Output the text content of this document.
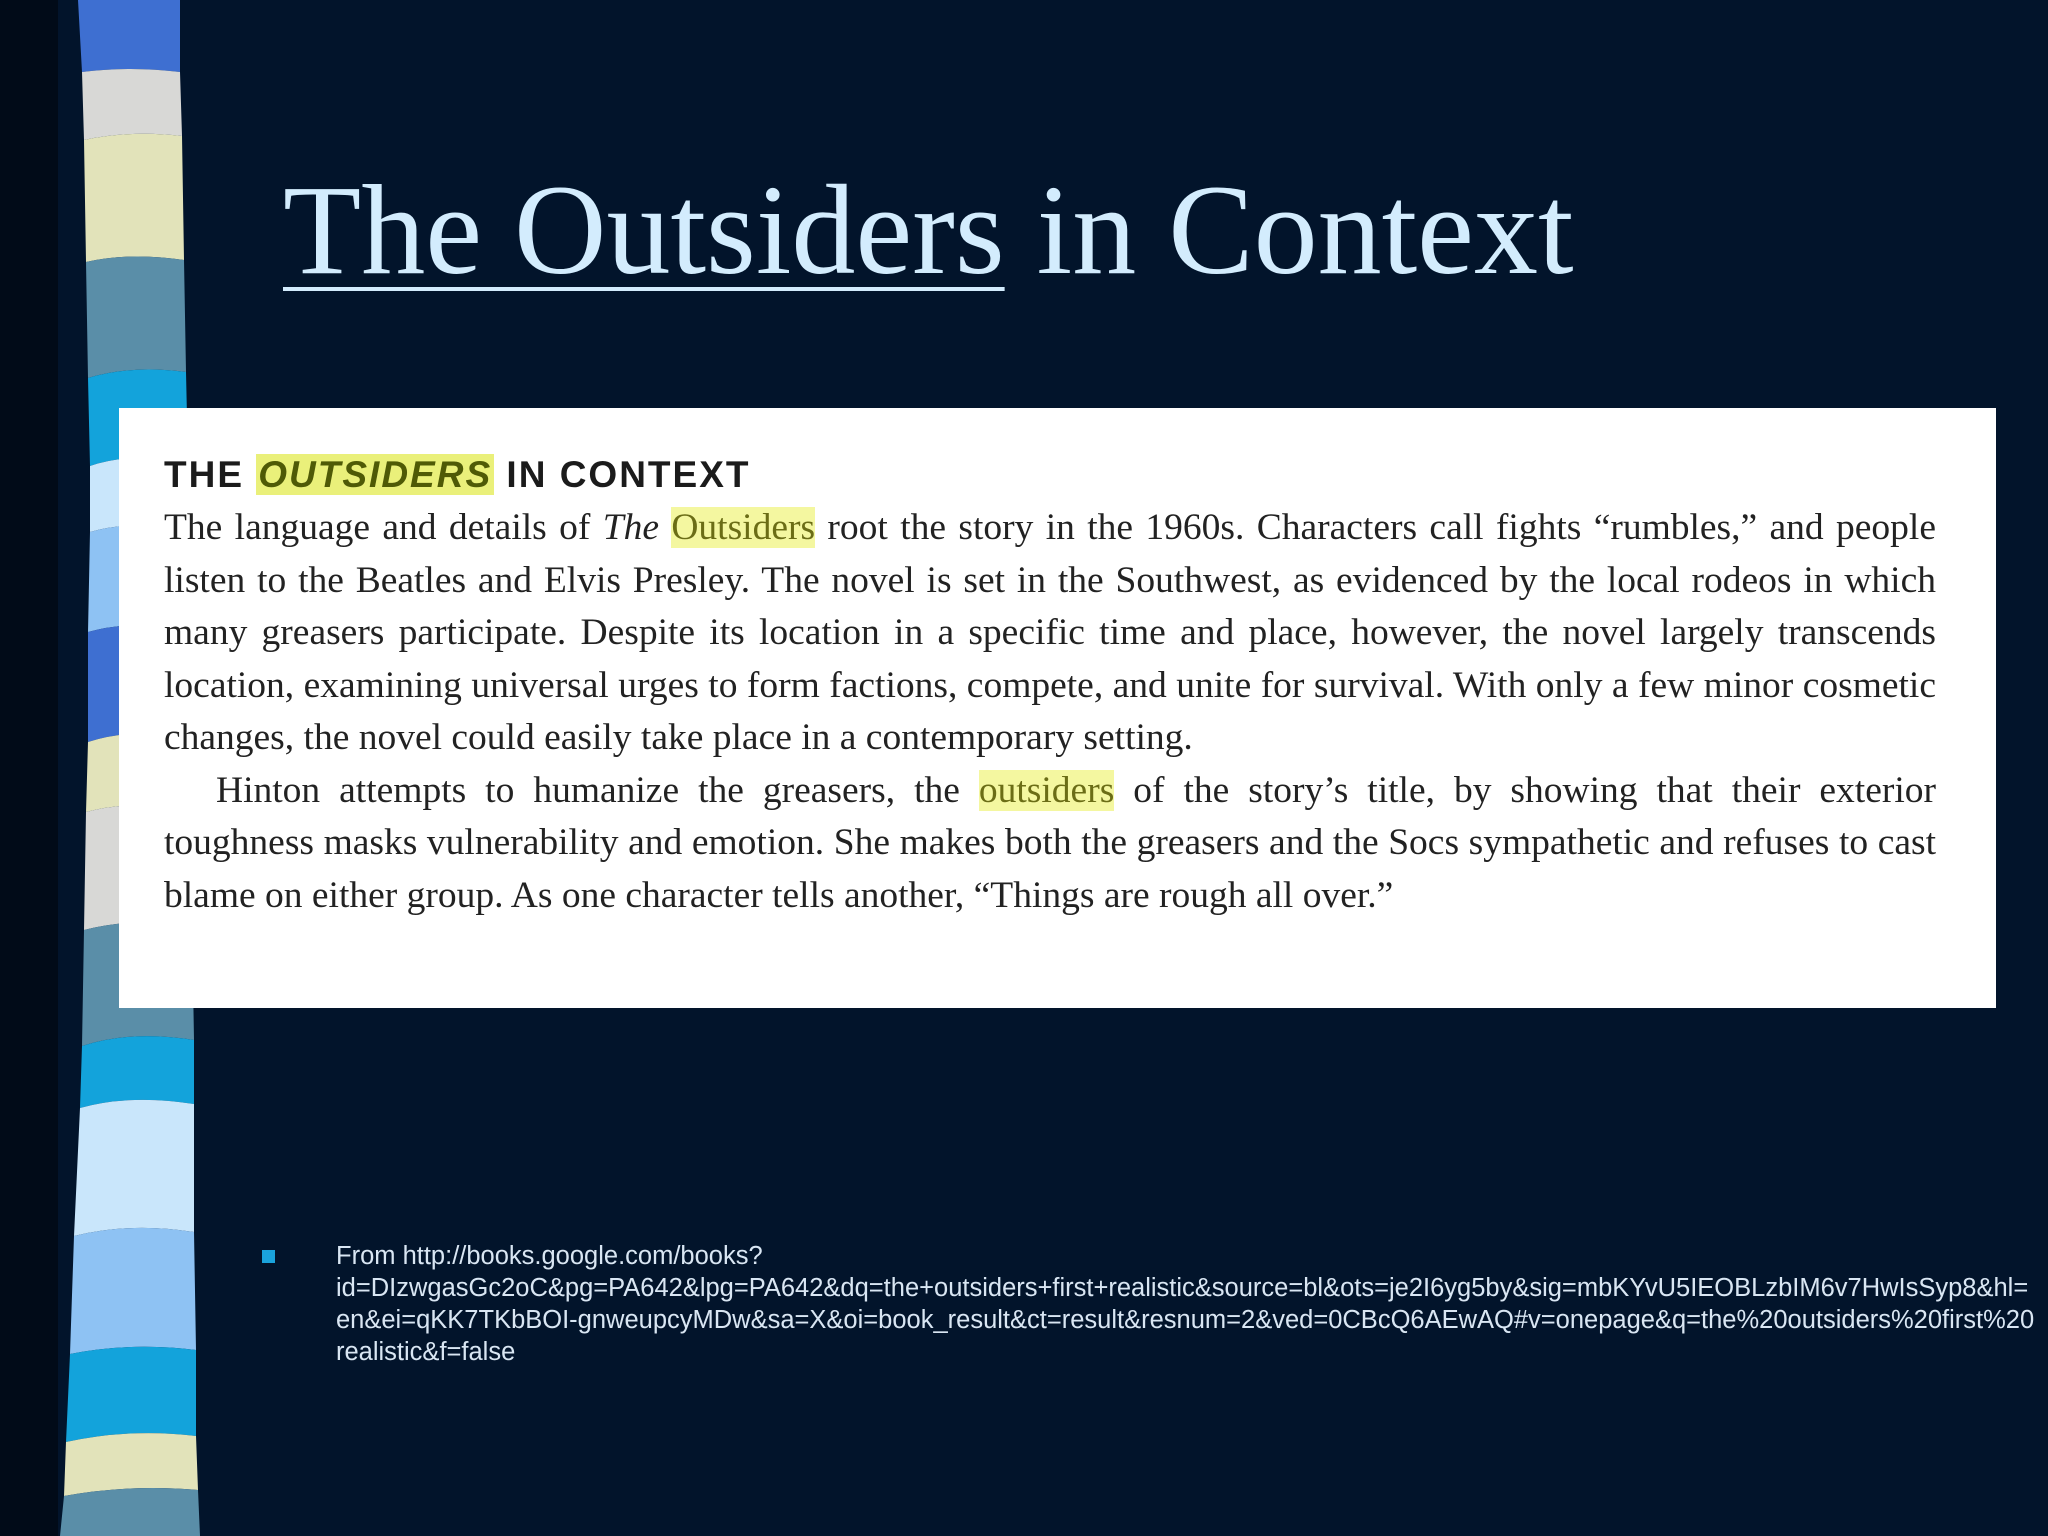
The Outsiders in Context
THE OUTSIDERS IN CONTEXT

The language and details of The Outsiders root the story in the 1960s. Characters call fights “rumbles,” and people listen to the Beatles and Elvis Presley. The novel is set in the Southwest, as evidenced by the local rodeos in which many greasers participate. Despite its location in a specific time and place, however, the novel largely transcends location, examining universal urges to form factions, compete, and unite for survival. With only a few minor cosmetic changes, the novel could easily take place in a contemporary setting.

Hinton attempts to humanize the greasers, the outsiders of the story’s title, by showing that their exterior toughness masks vulnerability and emotion. She makes both the greasers and the Socs sympathetic and refuses to cast blame on either group. As one character tells another, “Things are rough all over.”

From http://books.google.com/books?
id=DIzwgasGc2oC&pg=PA642&lpg=PA642&dq=the+outsiders+first+realistic&source=bl&ots=je2I6yg5by&sig=mbKYvU5IEOBLzbIM6v7HwIsSyp8&hl=en&ei=qKK7TKbBOI-gnweupcyMDw&sa=X&oi=book_result&ct=result&resnum=2&ved=0CBcQ6AEwAQ#v=onepage&q=the%20outsiders%20first%20realistic&f=false
